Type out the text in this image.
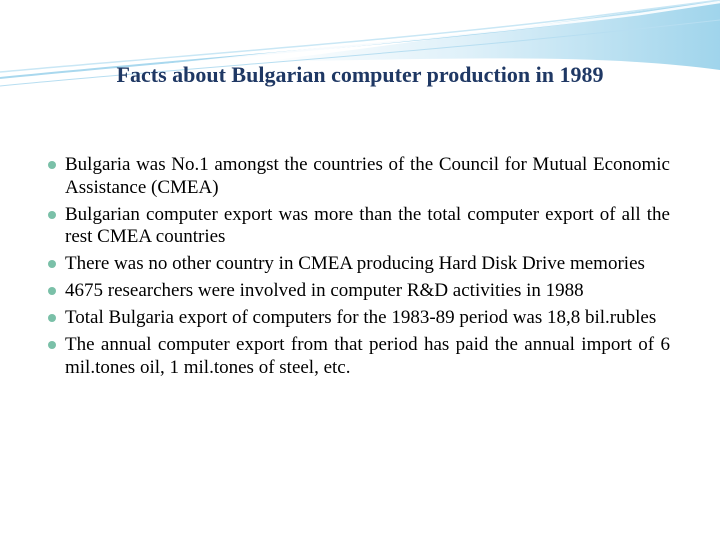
Facts about Bulgarian computer production in 1989
Bulgaria was No.1 amongst the countries of the Council for Mutual Economic Assistance (CMEA)
Bulgarian computer export was more than the total computer export of all the rest CMEA countries
There was no other country in CMEA producing Hard Disk Drive memories
4675 researchers were involved in computer R&D activities in 1988
Total Bulgaria export of computers for the 1983-89 period was 18,8 bil.rubles
The annual computer export from that period has paid the annual import of 6 mil.tones oil, 1 mil.tones of steel, etc.
